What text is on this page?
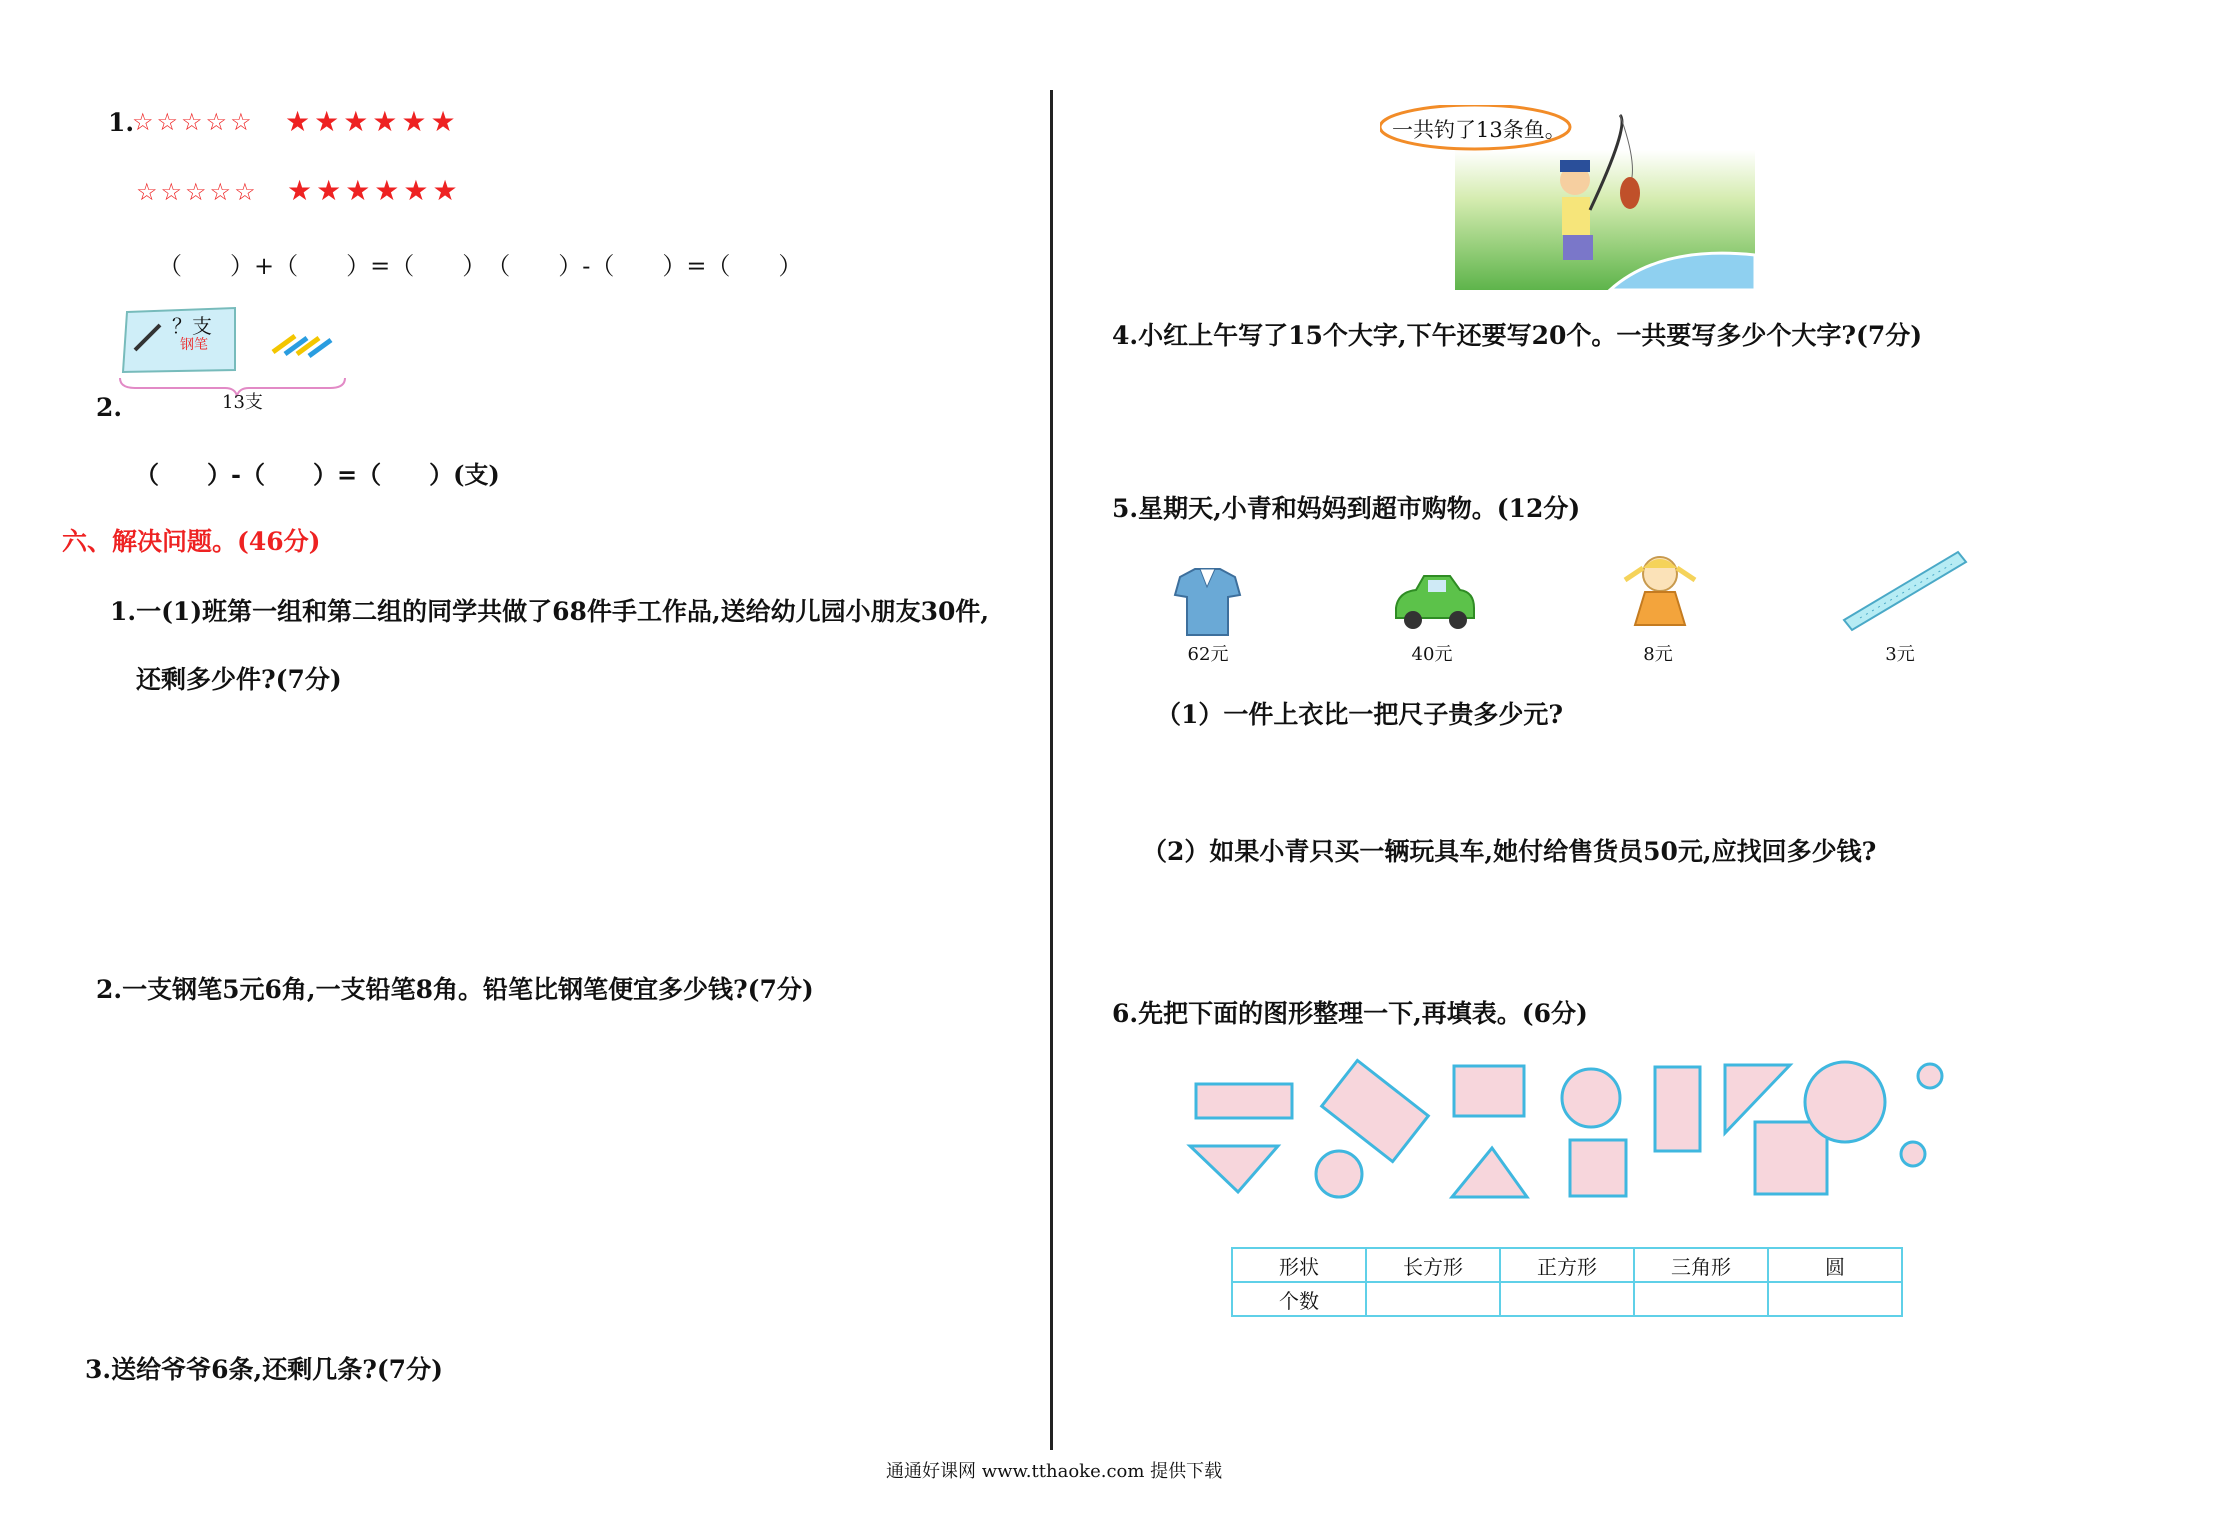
1.
☆☆☆☆☆ ★★★★★★
☆☆☆☆☆ ★★★★★★
（　　）+（　　）=（　　）　（　　）-（　　）=（　　）
？支
钢笔
13支
2.
（　　）-（　　）=（　　）(支)
六、解决问题。(46分)
1.一(1)班第一组和第二组的同学共做了68件手工作品,送给幼儿园小朋友30件,
还剩多少件?(7分)
2.一支钢笔5元6角,一支铅笔8角。铅笔比钢笔便宜多少钱?(7分)
3.送给爷爷6条,还剩几条?(7分)
一共钓了13条鱼。
4.小红上午写了15个大字,下午还要写20个。一共要写多少个大字?(7分)
5.星期天,小青和妈妈到超市购物。(12分)
62元	40元	8元	3元
（1）一件上衣比一把尺子贵多少元?
（2）如果小青只买一辆玩具车,她付给售货员50元,应找回多少钱?
6.先把下面的图形整理一下,再填表。(6分)
形状	长方形	正方形	三角形	圆
个数				
通通好课网 www.tthaoke.com 提供下载
